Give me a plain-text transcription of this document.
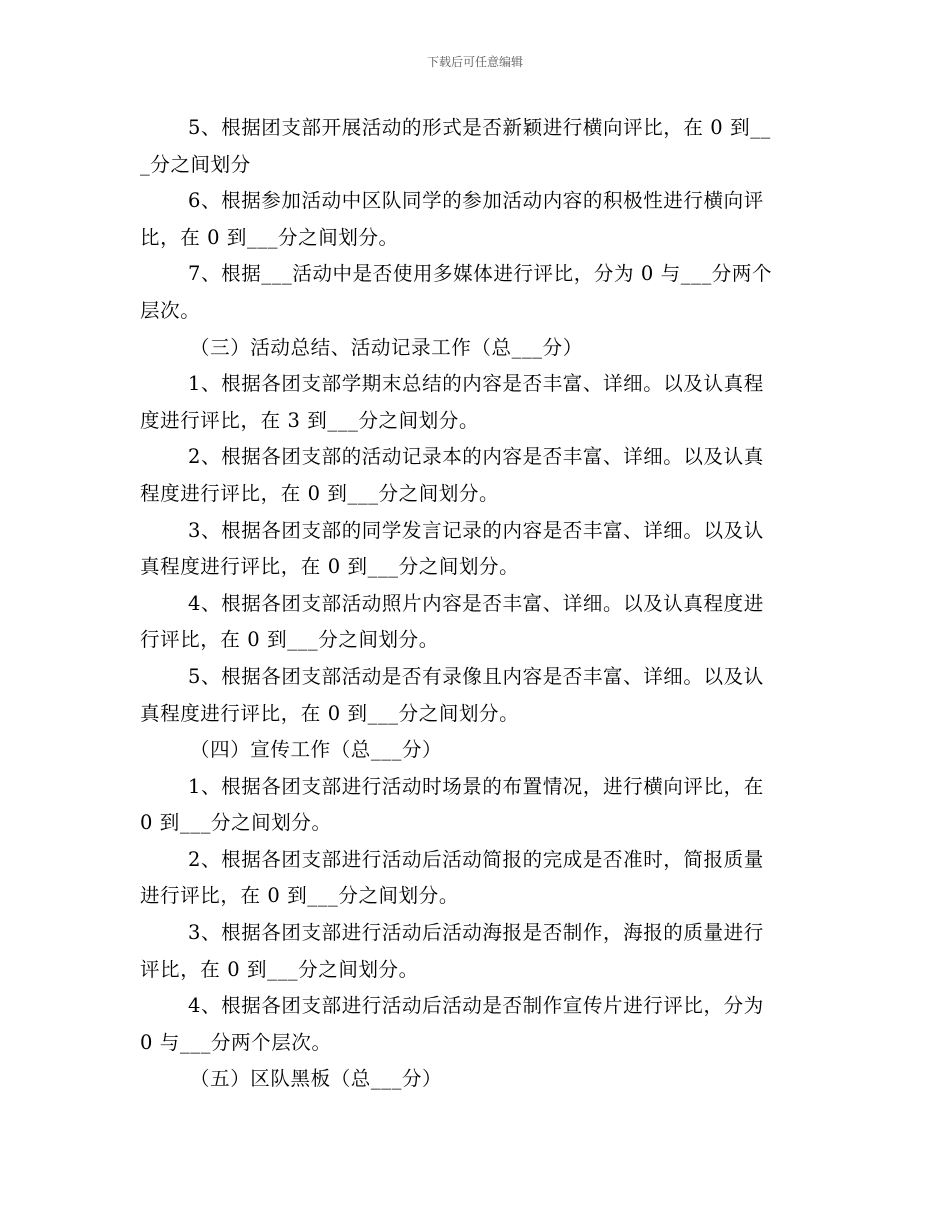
下载后可任意编辑
5、根据团支部开展活动的形式是否新颖进行横向评比，在 0 到__
_分之间划分
6、根据参加活动中区队同学的参加活动内容的积极性进行横向评
比，在 0 到___分之间划分。
7、根据___活动中是否使用多媒体进行评比，分为 0 与___分两个
层次。
（三）活动总结、活动记录工作（总___分）
1、根据各团支部学期末总结的内容是否丰富、详细。以及认真程
度进行评比，在 3 到___分之间划分。
2、根据各团支部的活动记录本的内容是否丰富、详细。以及认真
程度进行评比，在 0 到___分之间划分。
3、根据各团支部的同学发言记录的内容是否丰富、详细。以及认
真程度进行评比，在 0 到___分之间划分。
4、根据各团支部活动照片内容是否丰富、详细。以及认真程度进
行评比，在 0 到___分之间划分。
5、根据各团支部活动是否有录像且内容是否丰富、详细。以及认
真程度进行评比，在 0 到___分之间划分。
（四）宣传工作（总___分）
1、根据各团支部进行活动时场景的布置情况，进行横向评比，在
0 到___分之间划分。
2、根据各团支部进行活动后活动简报的完成是否准时，简报质量
进行评比，在 0 到___分之间划分。
3、根据各团支部进行活动后活动海报是否制作，海报的质量进行
评比，在 0 到___分之间划分。
4、根据各团支部进行活动后活动是否制作宣传片进行评比，分为
0 与___分两个层次。
（五）区队黑板（总___分）
